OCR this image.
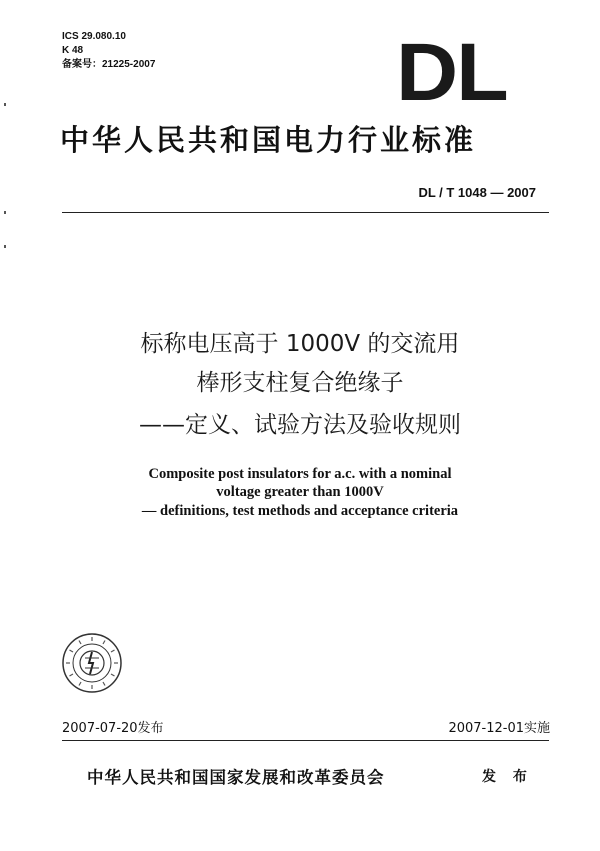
ICS 29.080.10
K 48
备案号：21225-2007	DL
中华人民共和国电力行业标准
DL / T 1048 — 2007
标称电压高于 1000V 的交流用
棒形支柱复合绝缘子
——定义、试验方法及验收规则
Composite post insulators for a.c. with a nominal
voltage greater than 1000V
— definitions, test methods and acceptance criteria
2007-07-20发布	2007-12-01实施
中华人民共和国国家发展和改革委员会	发 布
